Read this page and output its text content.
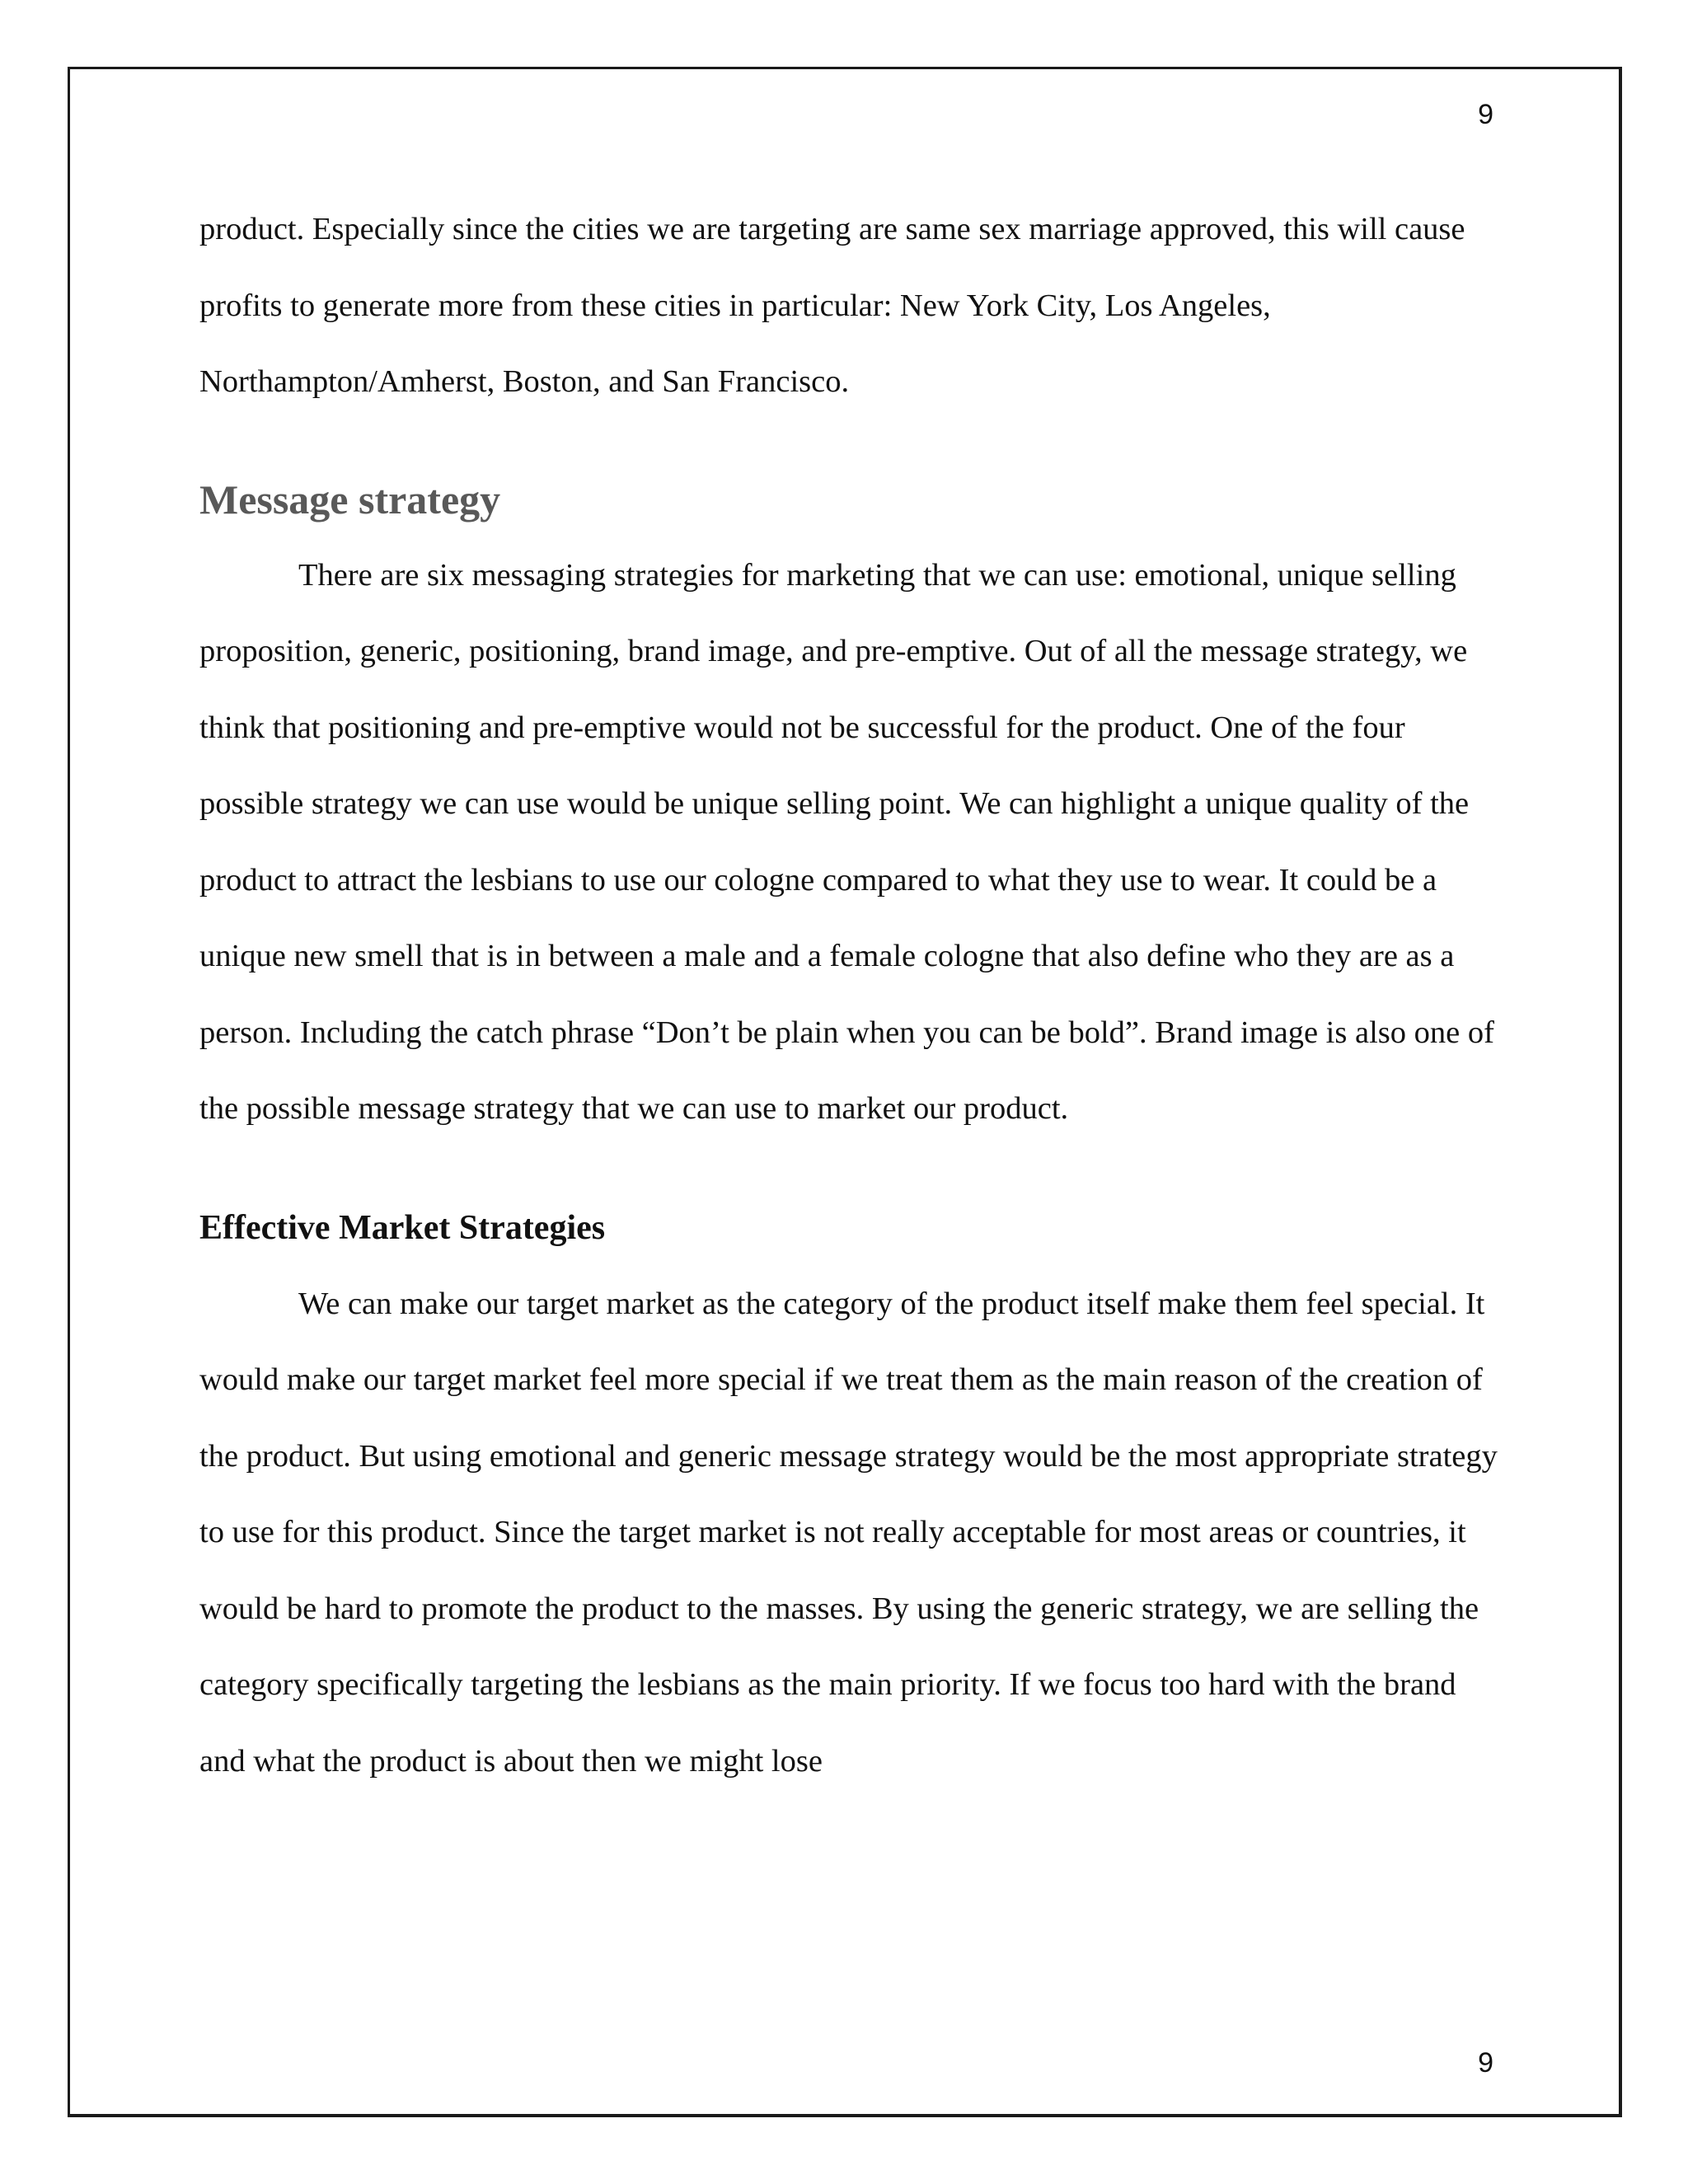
9

product. Especially since the cities we are targeting are same sex marriage approved, this will cause profits to generate more from these cities in particular: New York City, Los Angeles, Northampton/Amherst, Boston, and San Francisco.

Message strategy

There are six messaging strategies for marketing that we can use: emotional, unique selling proposition, generic, positioning, brand image, and pre-emptive. Out of all the message strategy, we think that positioning and pre-emptive would not be successful for the product. One of the four possible strategy we can use would be unique selling point. We can highlight a unique quality of the product to attract the lesbians to use our cologne compared to what they use to wear. It could be a unique new smell that is in between a male and a female cologne that also define who they are as a person. Including the catch phrase “Don’t be plain when you can be bold”. Brand image is also one of the possible message strategy that we can use to market our product.

Effective Market Strategies

We can make our target market as the category of the product itself make them feel special. It would make our target market feel more special if we treat them as the main reason of the creation of the product. But using emotional and generic message strategy would be the most appropriate strategy to use for this product. Since the target market is not really acceptable for most areas or countries, it would be hard to promote the product to the masses. By using the generic strategy, we are selling the category specifically targeting the lesbians as the main priority. If we focus too hard with the brand and what the product is about then we might lose

9
